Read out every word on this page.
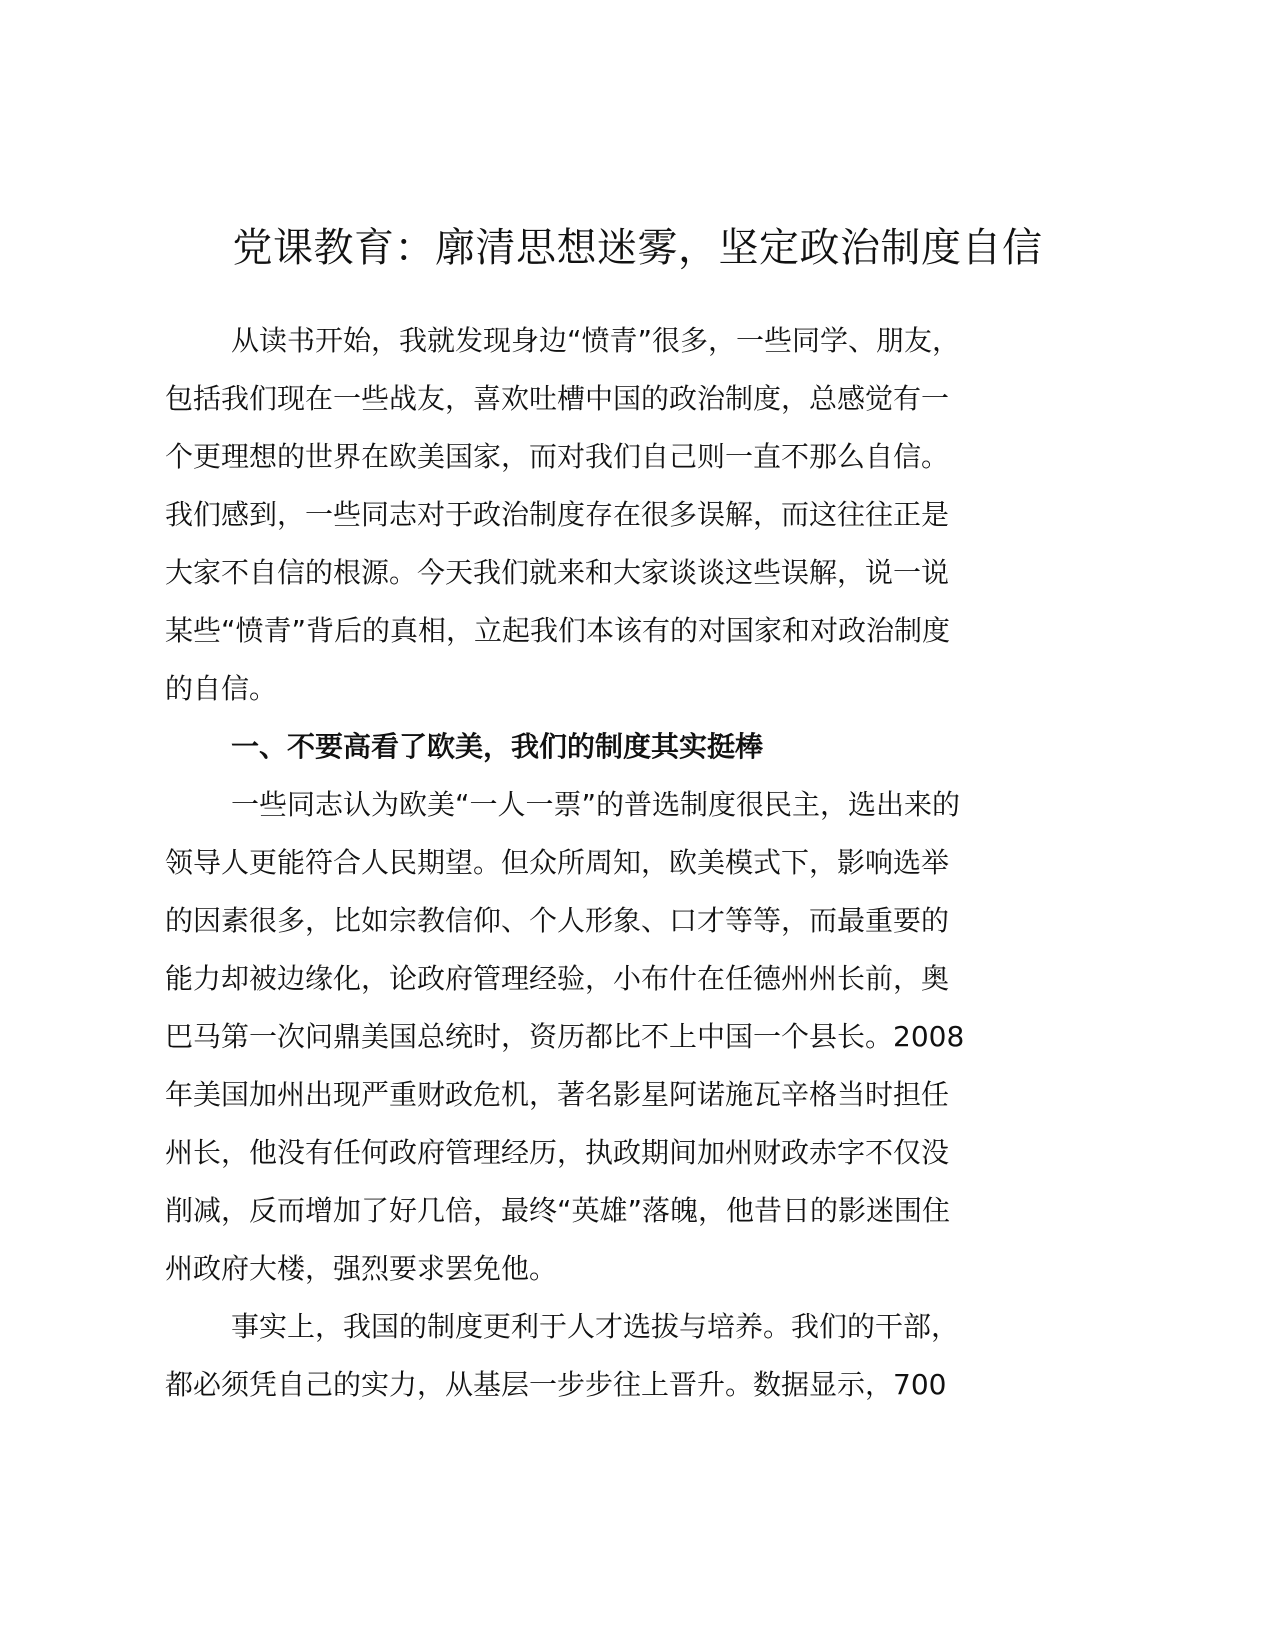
党课教育：廓清思想迷雾，坚定政治制度自信

从读书开始，我就发现身边“愤青”很多，一些同学、朋友，
包括我们现在一些战友，喜欢吐槽中国的政治制度，总感觉有一
个更理想的世界在欧美国家，而对我们自己则一直不那么自信。
我们感到，一些同志对于政治制度存在很多误解，而这往往正是
大家不自信的根源。今天我们就来和大家谈谈这些误解，说一说
某些“愤青”背后的真相，立起我们本该有的对国家和对政治制度
的自信。

一、不要高看了欧美，我们的制度其实挺棒

一些同志认为欧美“一人一票”的普选制度很民主，选出来的
领导人更能符合人民期望。但众所周知，欧美模式下，影响选举
的因素很多，比如宗教信仰、个人形象、口才等等，而最重要的
能力却被边缘化，论政府管理经验，小布什在任德州州长前，奥
巴马第一次问鼎美国总统时，资历都比不上中国一个县长。2008
年美国加州出现严重财政危机，著名影星阿诺施瓦辛格当时担任
州长，他没有任何政府管理经历，执政期间加州财政赤字不仅没
削减，反而增加了好几倍，最终“英雄”落魄，他昔日的影迷围住
州政府大楼，强烈要求罢免他。

事实上，我国的制度更利于人才选拔与培养。我们的干部，
都必须凭自己的实力，从基层一步步往上晋升。数据显示，700
